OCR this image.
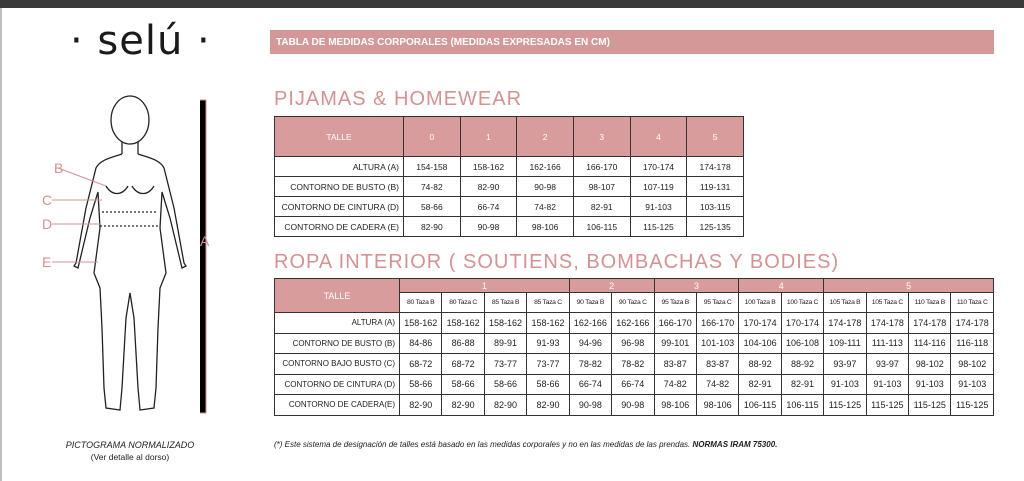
· selú ·	TABLA DE MEDIDAS CORPORALES (MEDIDAS EXPRESADAS EN CM)
B
C
D
E
A
PICTOGRAMA NORMALIZADO
(Ver detalle al dorso)
PIJAMAS & HOMEWEAR
TALLE	0	1	2	3	4	5
ALTURA (A)	154-158	158-162	162-166	166-170	170-174	174-178
CONTORNO DE BUSTO (B)	74-82	82-90	90-98	98-107	107-119	119-131
CONTORNO DE CINTURA (D)	58-66	66-74	74-82	82-91	91-103	103-115
CONTORNO DE CADERA (E)	82-90	90-98	98-106	106-115	115-125	125-135
ROPA INTERIOR ( SOUTIENS, BOMBACHAS Y BODIES)
TALLE	1				2		3		4		5			
	80 Taza B	80 Taza C	85 Taza B	85 Taza C	90 Taza B	90 Taza C	95 Taza B	95 Taza C	100 Taza B	100 Taza C	105 Taza B	105 Taza C	110 Taza B	110 Taza C
ALTURA (A)	158-162	158-162	158-162	158-162	162-166	162-166	166-170	166-170	170-174	170-174	174-178	174-178	174-178	174-178
CONTORNO DE BUSTO (B)	84-86	86-88	89-91	91-93	94-96	96-98	99-101	101-103	104-106	106-108	109-111	111-113	114-116	116-118
CONTORNO BAJO BUSTO (C)	68-72	68-72	73-77	73-77	78-82	78-82	83-87	83-87	88-92	88-92	93-97	93-97	98-102	98-102
CONTORNO DE CINTURA (D)	58-66	58-66	58-66	58-66	66-74	66-74	74-82	74-82	82-91	82-91	91-103	91-103	91-103	91-103
CONTORNO DE CADERA(E)	82-90	82-90	82-90	82-90	90-98	90-98	98-106	98-106	106-115	106-115	115-125	115-125	115-125	115-125
(*) Este sistema de designación de talles está basado en las medidas corporales y no en las medidas de las prendas. NORMAS IRAM 75300.
